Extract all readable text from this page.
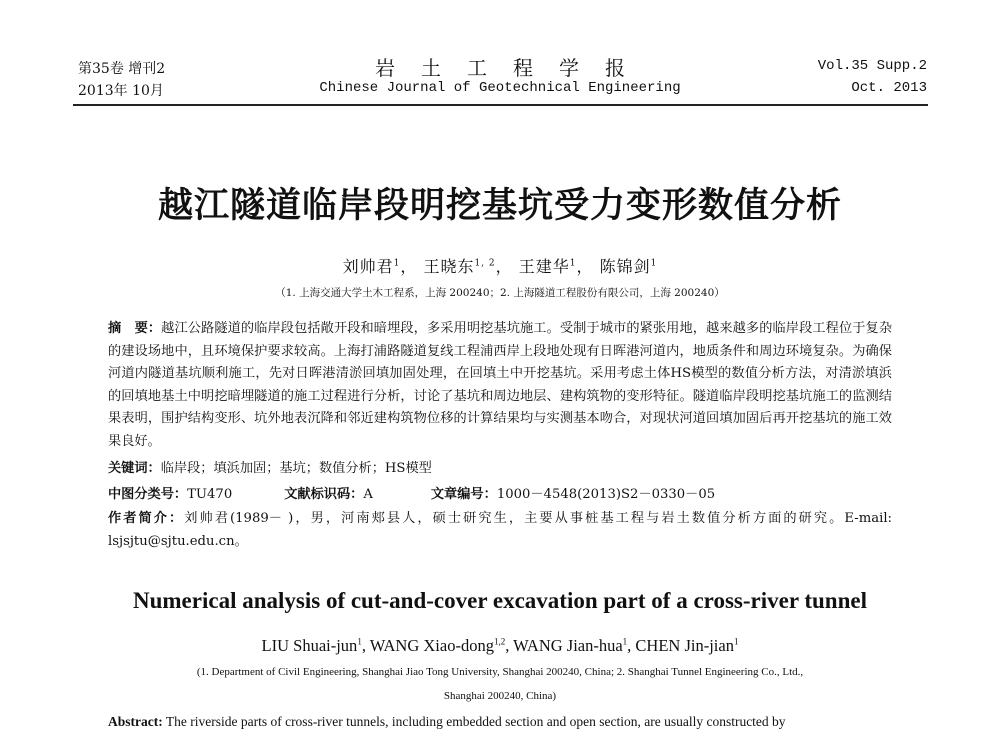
第35卷 增刊2
2013年 10月
岩土工程学报
Chinese Journal of Geotechnical Engineering
Vol.35 Supp.2
Oct. 2013
越江隧道临岸段明挖基坑受力变形数值分析
刘帅君$^1$， 王晓东$^{1, 2}$， 王建华$^1$， 陈锦剑$^1$
（1. 上海交通大学土木工程系，上海 200240；2. 上海隧道工程股份有限公司，上海 200240）
摘　要：越江公路隧道的临岸段包括敞开段和暗埋段，多采用明挖基坑施工。受制于城市的紧张用地，越来越多的临岸段工程位于复杂的建设场地中，且环境保护要求较高。上海打浦路隧道复线工程浦西岸上段地处现有日晖港河道内，地质条件和周边环境复杂。为确保河道内隧道基坑顺利施工，先对日晖港清淤回填加固处理，在回填土中开挖基坑。采用考虑土体HS模型的数值分析方法，对清淤填浜的回填地基土中明挖暗埋隧道的施工过程进行分析，讨论了基坑和周边地层、建构筑物的变形特征。隧道临岸段明挖基坑施工的监测结果表明，围护结构变形、坑外地表沉降和邻近建构筑物位移的计算结果均与实测基本吻合，对现状河道回填加固后再开挖基坑的施工效果良好。
关键词：临岸段；填浜加固；基坑；数值分析；HS模型
中图分类号：TU470	文献标识码：A	文章编号：1000－4548(2013)S2－0330－05
作者简介：刘帅君(1989－ )，男，河南郏县人，硕士研究生，主要从事桩基工程与岩土数值分析方面的研究。E-mail: lsjsjtu@sjtu.edu.cn。
Numerical analysis of cut-and-cover excavation part of a cross-river tunnel
LIU Shuai-jun$^1$, WANG Xiao-dong$^{1,2}$, WANG Jian-hua$^1$, CHEN Jin-jian$^1$
(1. Department of Civil Engineering, Shanghai Jiao Tong University, Shanghai 200240, China; 2. Shanghai Tunnel Engineering Co., Ltd.,
Shanghai 200240, China)
Abstract: The riverside parts of cross-river tunnels, including embedded section and open section, are usually constructed by
